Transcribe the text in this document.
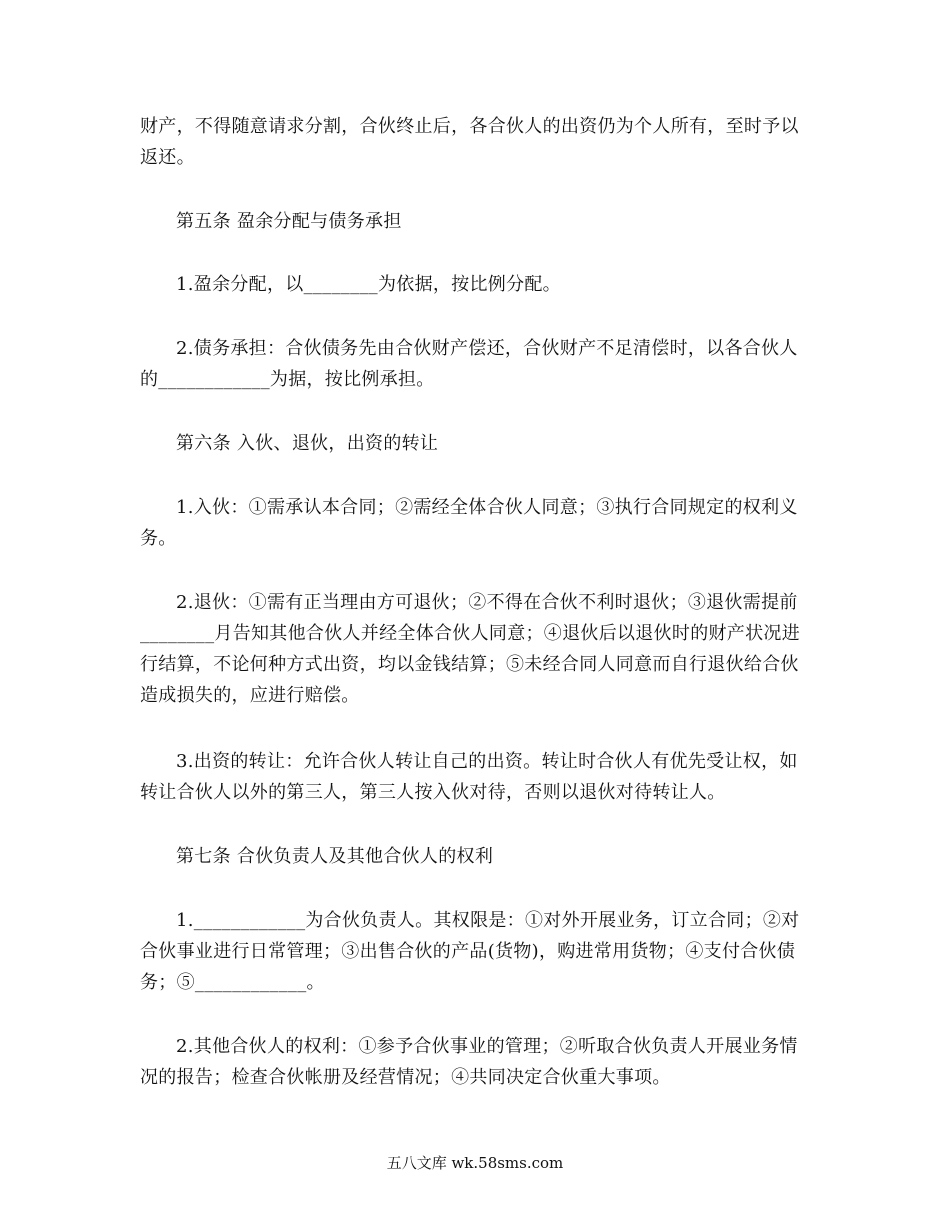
财产，不得随意请求分割，合伙终止后，各合伙人的出资仍为个人所有，至时予以
返还。
第五条 盈余分配与债务承担
1.盈余分配，以________为依据，按比例分配。
2.债务承担：合伙债务先由合伙财产偿还，合伙财产不足清偿时，以各合伙人
的____________为据，按比例承担。
第六条 入伙、退伙，出资的转让
1.入伙：①需承认本合同；②需经全体合伙人同意；③执行合同规定的权利义
务。
2.退伙：①需有正当理由方可退伙；②不得在合伙不利时退伙；③退伙需提前
________月告知其他合伙人并经全体合伙人同意；④退伙后以退伙时的财产状况进
行结算，不论何种方式出资，均以金钱结算；⑤未经合同人同意而自行退伙给合伙
造成损失的，应进行赔偿。
3.出资的转让：允许合伙人转让自己的出资。转让时合伙人有优先受让权，如
转让合伙人以外的第三人，第三人按入伙对待，否则以退伙对待转让人。
第七条 合伙负责人及其他合伙人的权利
1.____________为合伙负责人。其权限是：①对外开展业务，订立合同；②对
合伙事业进行日常管理；③出售合伙的产品(货物)，购进常用货物；④支付合伙债
务；⑤____________。
2.其他合伙人的权利：①参予合伙事业的管理；②听取合伙负责人开展业务情
况的报告；检查合伙帐册及经营情况；④共同决定合伙重大事项。
五八文库 wk.58sms.com
